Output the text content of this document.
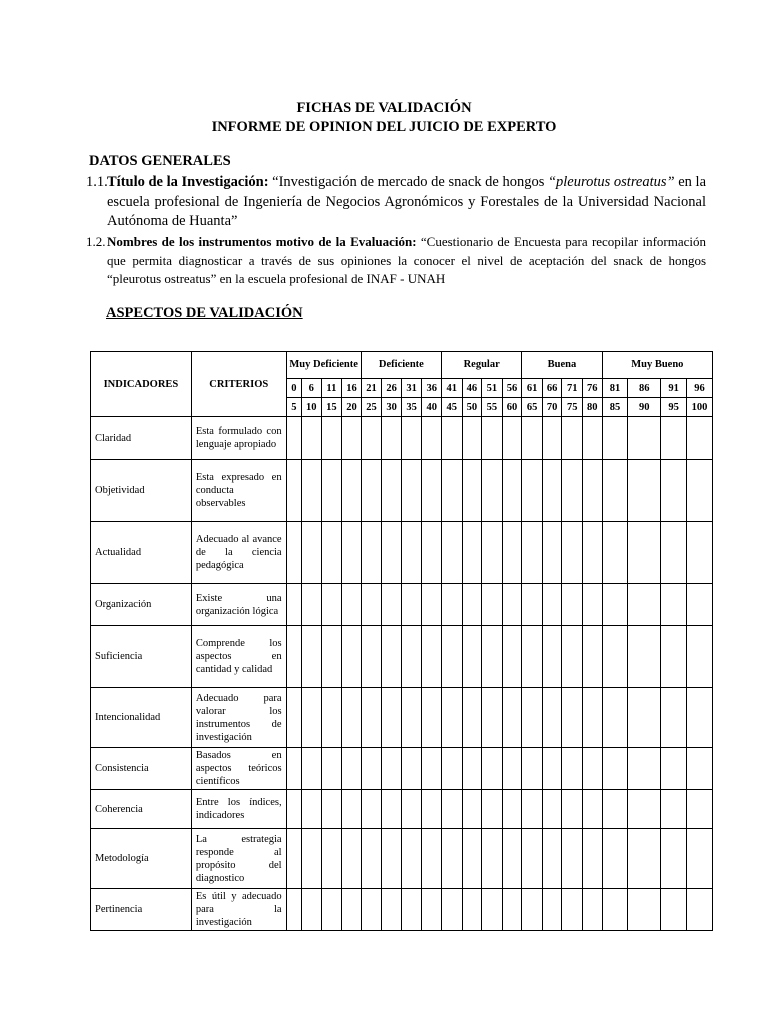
FICHAS DE VALIDACIÓN
INFORME DE OPINION DEL JUICIO DE EXPERTO
DATOS GENERALES
1.1. Título de la Investigación: “Investigación de mercado de snack de hongos “pleurotus ostreatus” en la escuela profesional de Ingeniería de Negocios Agronómicos y Forestales de la Universidad Nacional Autónoma de Huanta”
1.2. Nombres de los instrumentos motivo de la Evaluación: “Cuestionario de Encuesta para recopilar información que permita diagnosticar a través de sus opiniones la conocer el nivel de aceptación del snack de hongos “pleurotus ostreatus” en la escuela profesional de INAF - UNAH
ASPECTOS DE VALIDACIÓN
INDICADORES	CRITERIOS	Muy Deficiente				Deficiente				Regular				Buena				Muy Bueno			
		0	6	11	16	21	26	31	36	41	46	51	56	61	66	71	76	81	86	91	96
		5	10	15	20	25	30	35	40	45	50	55	60	65	70	75	80	85	90	95	100
Claridad	Esta formulado con lenguaje apropiado																				
Objetividad	Esta expresado en conducta observables																				
Actualidad	Adecuado al avance de la ciencia pedagógica																				
Organización	Existe una organización lógica																				
Suficiencia	Comprende los aspectos en cantidad y calidad																				
Intencionalidad	Adecuado para valorar los instrumentos de investigación																				
Consistencia	Basados en aspectos teóricos científicos																				
Coherencia	Entre los índices, indicadores																				
Metodología	La estrategia responde al propósito del diagnostico																				
Pertinencia	Es útil y adecuado para la investigación																				
